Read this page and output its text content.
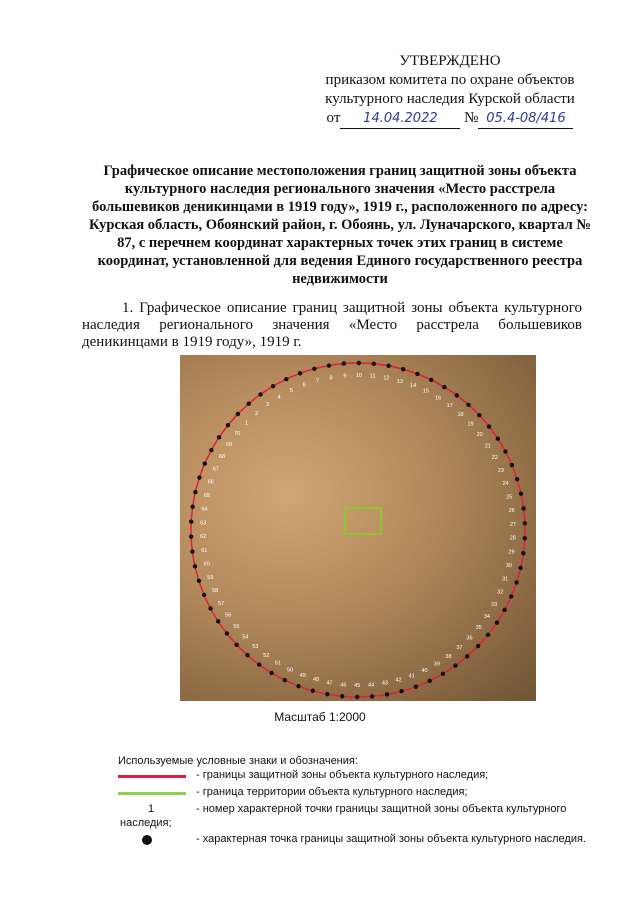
УТВЕРЖДЕНО
приказом комитета по охране объектов
культурного наследия Курской области
от 14.04.2022 № 05.4-08/416
Графическое описание местоположения границ защитной зоны объекта культурного наследия регионального значения «Место расстрела большевиков деникинцами в 1919 году», 1919 г., расположенного по адресу: Курская область, Обоянский район, г. Обоянь, ул. Луначарского, квартал № 87, с перечнем координат характерных точек этих границ в системе координат, установленной для ведения Единого государственного реестра недвижимости
1. Графическое описание границ защитной зоны объекта культурного наследия регионального значения «Место расстрела большевиков деникинцами в 1919 году», 1919 г.
1
2
3
4
5
6
7
8 9 10 11 12
13
14
15
16
17
18
19
20
21
22
23
24
25
26
27
28
29
30
31
32
33
34
35
36
37
38
39
40
41
42
43
44
45
46
47
48
49
50
51
52
53
54
55
56
57
58
59
60
61
62
63
64
65
66
67
68
69
70
Масштаб 1:2000
Используемые условные знаки и обозначения:
- границы защитной зоны объекта культурного наследия;
- граница территории объекта культурного наследия;
1	- номер характерной точки границы защитной зоны объекта культурного
наследия;
- характерная точка границы защитной зоны объекта культурного наследия.
